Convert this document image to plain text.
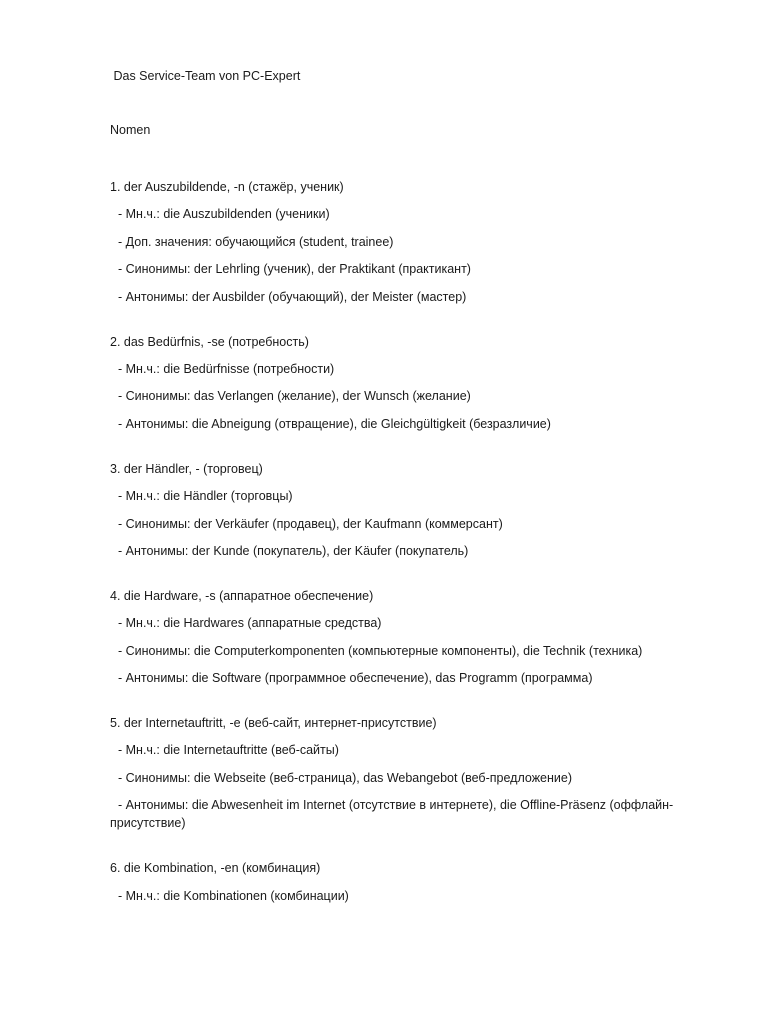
Das Service-Team von PC-Expert
Nomen
1. der Auszubildende, -n (стажёр, ученик)
- Мн.ч.: die Auszubildenden (ученики)
- Доп. значения: обучающийся (student, trainee)
- Синонимы: der Lehrling (ученик), der Praktikant (практикант)
- Антонимы: der Ausbilder (обучающий), der Meister (мастер)
2. das Bedürfnis, -se (потребность)
- Мн.ч.: die Bedürfnisse (потребности)
- Синонимы: das Verlangen (желание), der Wunsch (желание)
- Антонимы: die Abneigung (отвращение), die Gleichgültigkeit (безразличие)
3. der Händler, - (торговец)
- Мн.ч.: die Händler (торговцы)
- Синонимы: der Verkäufer (продавец), der Kaufmann (коммерсант)
- Антонимы: der Kunde (покупатель), der Käufer (покупатель)
4. die Hardware, -s (аппаратное обеспечение)
- Мн.ч.: die Hardwares (аппаратные средства)
- Синонимы: die Computerkomponenten (компьютерные компоненты), die Technik (техника)
- Антонимы: die Software (программное обеспечение), das Programm (программа)
5. der Internetauftritt, -e (веб-сайт, интернет-присутствие)
- Мн.ч.: die Internetauftritte (веб-сайты)
- Синонимы: die Webseite (веб-страница), das Webangebot (веб-предложение)
- Антонимы: die Abwesenheit im Internet (отсутствие в интернете), die Offline-Präsenz (оффлайн-присутствие)
6. die Kombination, -en (комбинация)
- Мн.ч.: die Kombinationen (комбинации)
